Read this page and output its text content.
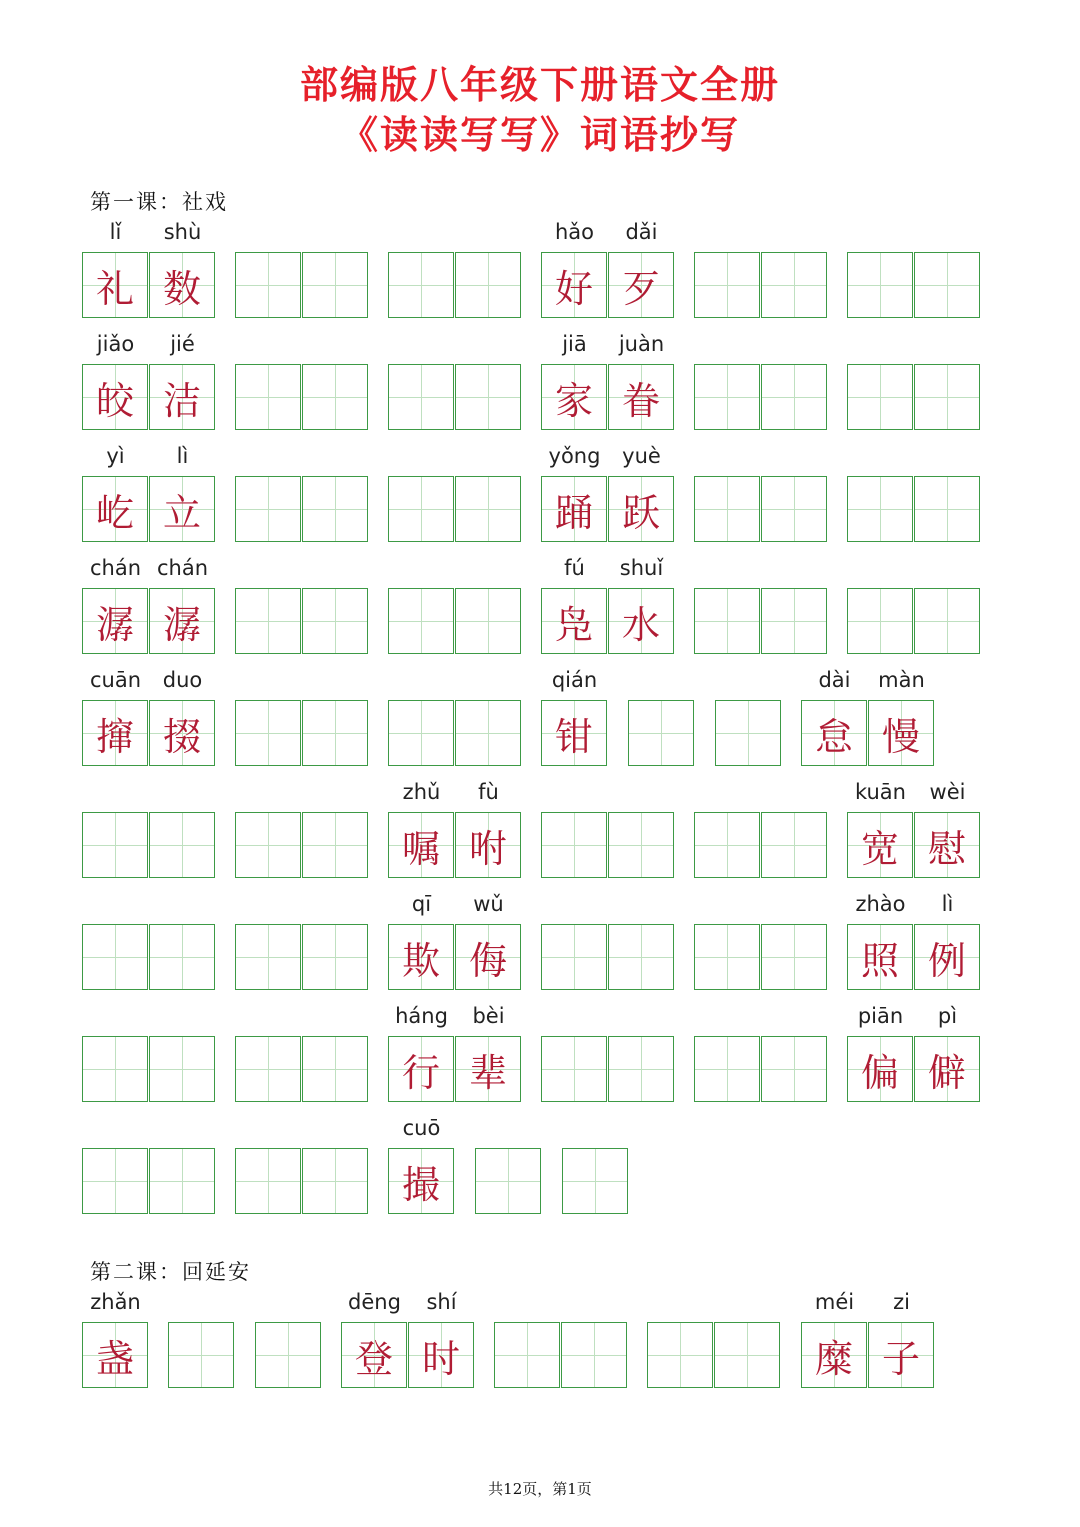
部编版八年级下册语文全册
《读读写写》词语抄写
第一课：社戏
第二课：回延安
lǐ
礼
shù
数
hǎo
好
dǎi
歹
jiǎo
皎
jié
洁
jiā
家
juàn
眷
yì
屹
lì
立
yǒng
踊
yuè
跃
chán
潺
chán
潺
fú
凫
shuǐ
水
cuān
撺
duo
掇
qián
钳
dài
怠
màn
慢
zhǔ
嘱
fù
咐
kuān
宽
wèi
慰
qī
欺
wǔ
侮
zhào
照
lì
例
háng
行
bèi
辈
piān
偏
pì
僻
cuō
撮
zhǎn
盏
dēng
登
shí
时
méi
糜
zi
子
共12页，第1页
